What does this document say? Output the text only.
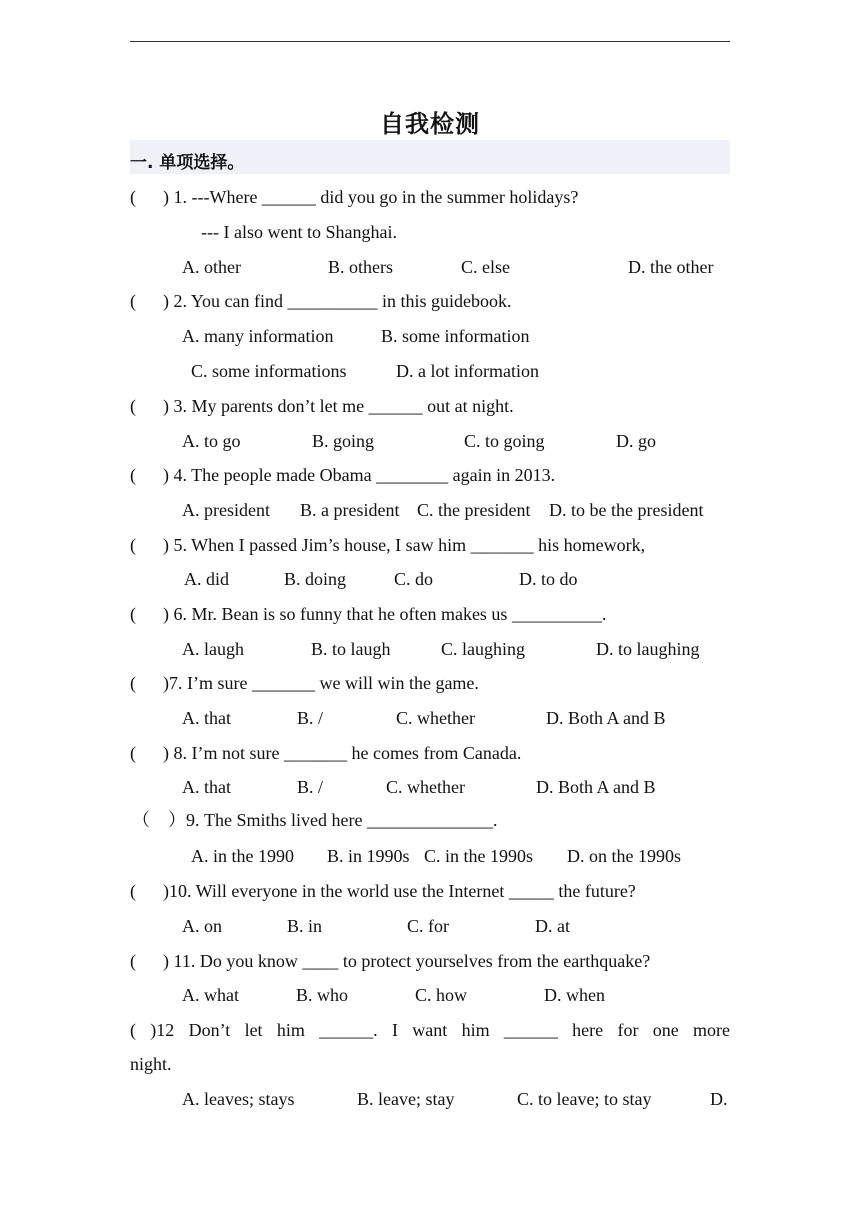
自我检测
一. 单项选择。
(      ) 1. ---Where ______ did you go in the summer holidays?
--- I also went to Shanghai.
A. other	B. others	C. else	D. the other
(      ) 2. You can find __________ in this guidebook.
A. many information	B. some information
C. some informations	D. a lot information
(      ) 3. My parents don’t let me ______ out at night.
A. to go	B. going	C. to going	D. go
(      ) 4. The people made Obama ________ again in 2013.
A. president B. a president C. the president D. to be the president
(      ) 5. When I passed Jim’s house, I saw him _______ his homework,
A. did	B. doing	C. do	D. to do
(      ) 6. Mr. Bean is so funny that he often makes us __________.
A. laugh	B. to laugh	C. laughing	D. to laughing
(      )7. I’m sure _______ we will win the game.
A. that	B. /	C. whether	D. Both A and B
(      ) 8. I’m not sure _______ he comes from Canada.
A. that	B. /	C. whether	D. Both A and B
（    ）9. The Smiths lived here ______________.
A. in the 1990 B. in 1990s C. in the 1990s D. on the 1990s
(      )10. Will everyone in the world use the Internet _____ the future?
A. on	B. in	C. for	D. at
(      ) 11. Do you know ____ to protect yourselves from the earthquake?
A. what	B. who	C. how	D. when
( )12 Don’t let him ______. I want him ______ here for one more
night.
A. leaves; stays	B. leave; stay	C. to leave; to stay	D.
